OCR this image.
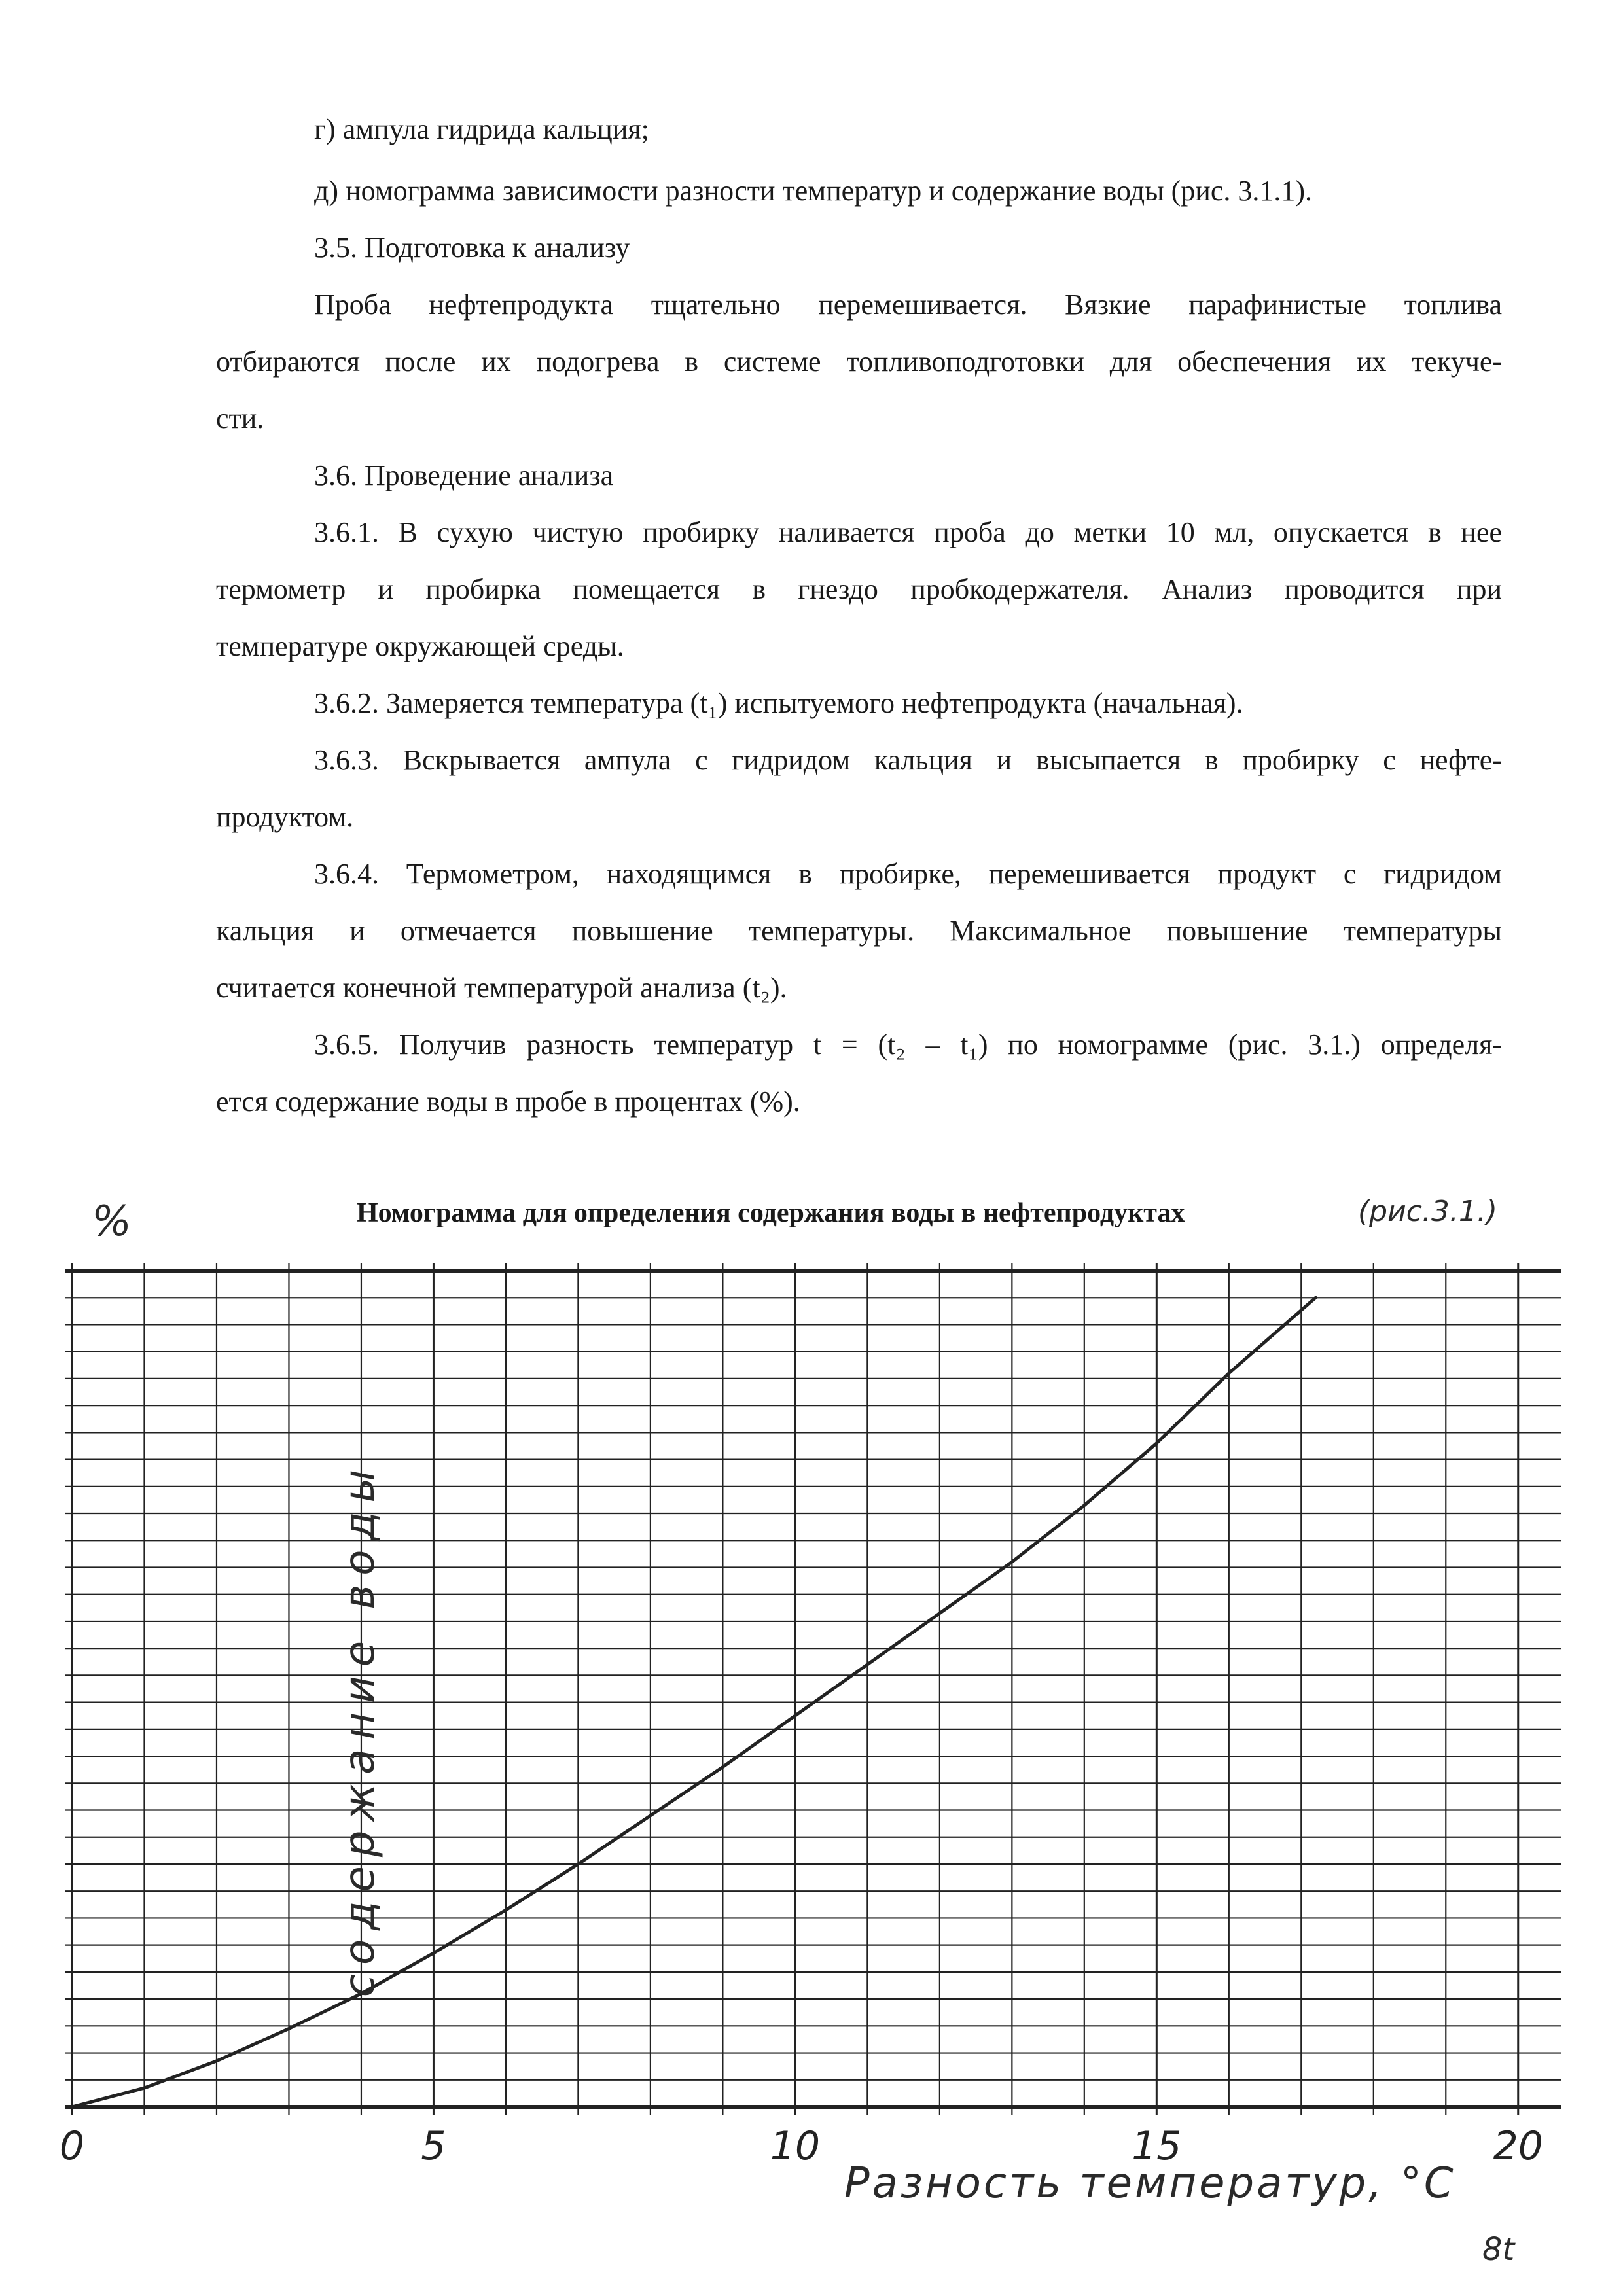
г) ампула гидрида кальция;
д) номограмма зависимости разности температур и содержание воды (рис. 3.1.1).
3.5. Подготовка к анализу
Проба нефтепродукта тщательно перемешивается. Вязкие парафинистые топлива
отбираются после их подогрева в системе топливоподготовки для обеспечения их текуче-
сти.
3.6. Проведение анализа
3.6.1. В сухую чистую пробирку наливается проба до метки 10 мл, опускается в нее
термометр и пробирка помещается в гнездо пробкодержателя. Анализ проводится при
температуре окружающей среды.
3.6.2. Замеряется температура (t₁) испытуемого нефтепродукта (начальная).
3.6.3. Вскрывается ампула с гидридом кальция и высыпается в пробирку с нефте-
продуктом.
3.6.4. Термометром, находящимся в пробирке, перемешивается продукт с гидридом
кальция и отмечается повышение температуры. Максимальное повышение температуры
считается конечной температурой анализа (t₂).
3.6.5. Получив разность температур t = (t₂ – t₁) по номограмме (рис. 3.1.) определя-
ется содержание воды в пробе в процентах (%).
%	Номограмма для определения содержания воды в нефтепродуктах	(рис.3.1.)
0	5	10	15	20
содержание воды
Разность температур, °C
8t
